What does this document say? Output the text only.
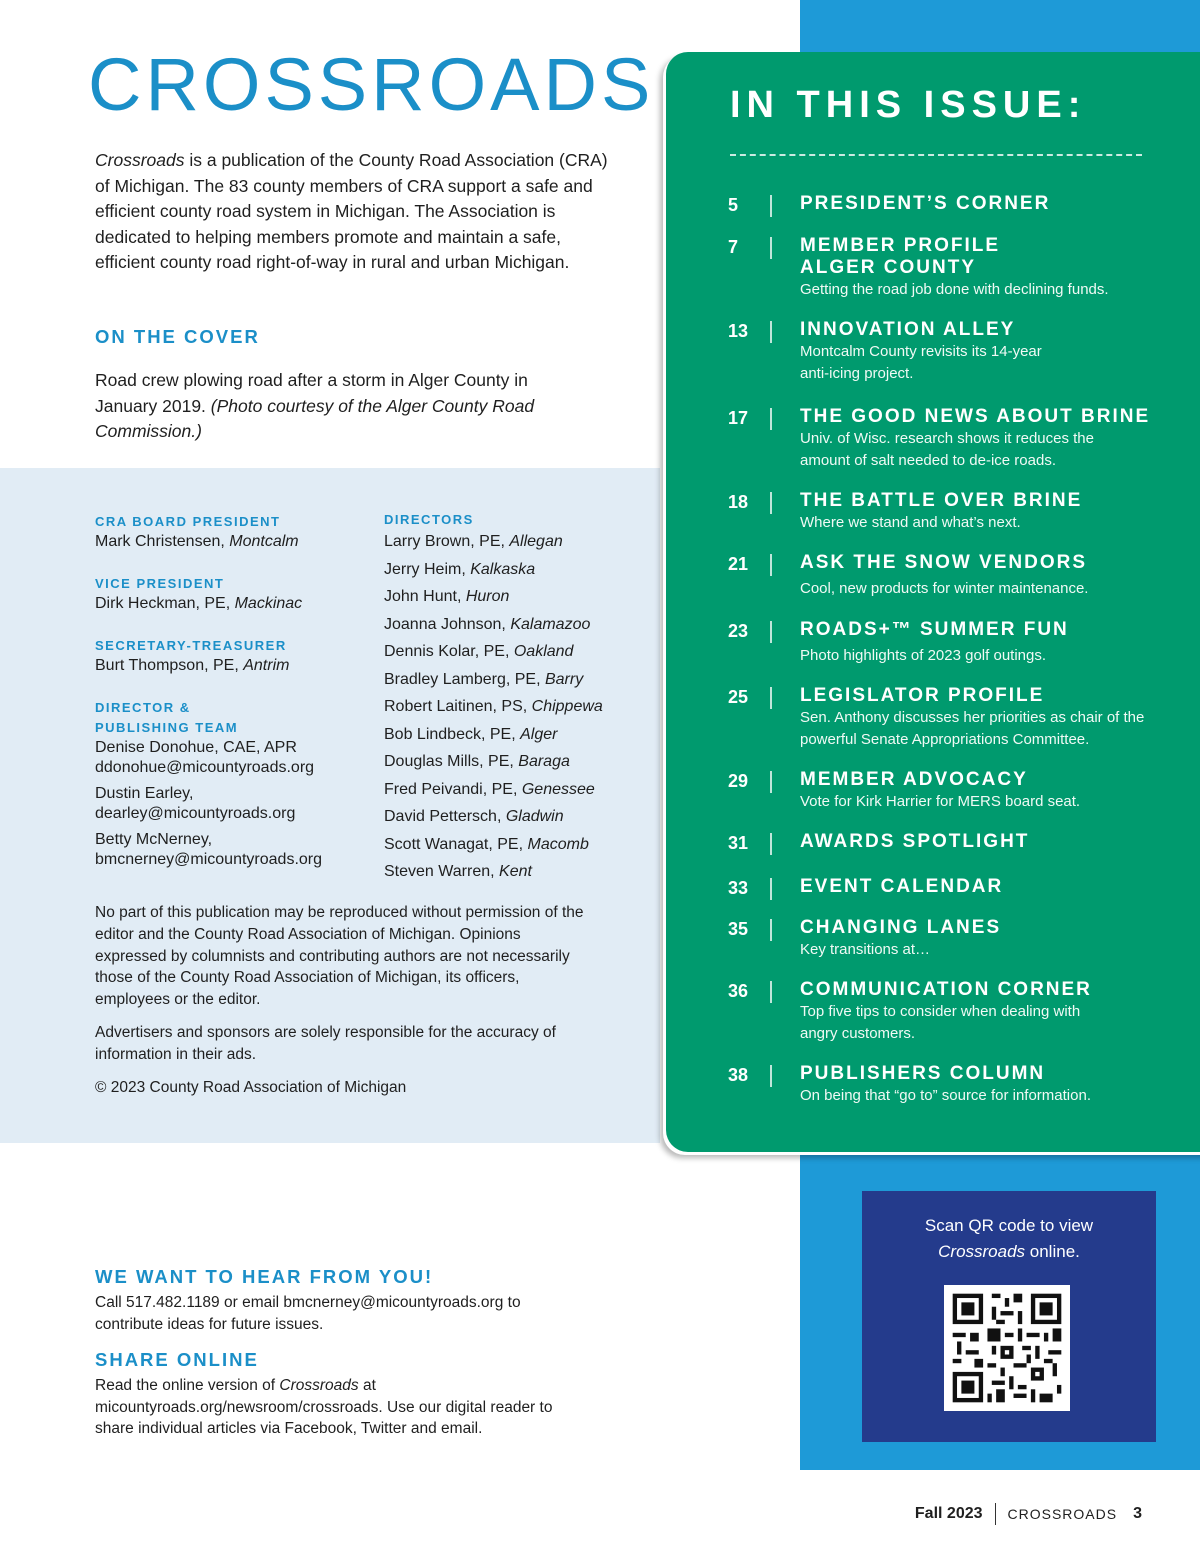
CROSSROADS

Crossroads is a publication of the County Road Association (CRA) of Michigan. The 83 county members of CRA support a safe and efficient county road system in Michigan. The Association is dedicated to helping members promote and maintain a safe, efficient county road right-of-way in rural and urban Michigan.

ON THE COVER

Road crew plowing road after a storm in Alger County in January 2019. (Photo courtesy of the Alger County Road Commission.)

CRA BOARD PRESIDENT
Mark Christensen, Montcalm
VICE PRESIDENT
Dirk Heckman, PE, Mackinac
SECRETARY-TREASURER
Burt Thompson, PE, Antrim
DIRECTOR &
PUBLISHING TEAM
Denise Donohue, CAE, APR
ddonohue@micountyroads.org
Dustin Earley,
dearley@micountyroads.org
Betty McNerney,
bmcnerney@micountyroads.org
DIRECTORS
Larry Brown, PE, Allegan
Jerry Heim, Kalkaska
John Hunt, Huron
Joanna Johnson, Kalamazoo
Dennis Kolar, PE, Oakland
Bradley Lamberg, PE, Barry
Robert Laitinen, PS, Chippewa
Bob Lindbeck, PE, Alger
Douglas Mills, PE, Baraga
Fred Peivandi, PE, Genessee
David Pettersch, Gladwin
Scott Wanagat, PE, Macomb
Steven Warren, Kent

No part of this publication may be reproduced without permission of the editor and the County Road Association of Michigan. Opinions expressed by columnists and contributing authors are not necessarily those of the County Road Association of Michigan, its officers, employees or the editor.

Advertisers and sponsors are solely responsible for the accuracy of information in their ads.

© 2023 County Road Association of Michigan

WE WANT TO HEAR FROM YOU!

Call 517.482.1189 or email bmcnerney@micountyroads.org to contribute ideas for future issues.

SHARE ONLINE

Read the online version of Crossroads at micountyroads.org/newsroom/crossroads. Use our digital reader to share individual articles via Facebook, Twitter and email.

IN THIS ISSUE:
5	PRESIDENT’S CORNER
7	MEMBER PROFILE
ALGER COUNTY
Getting the road job done with declining funds.
13	INNOVATION ALLEY
Montcalm County revisits its 14-year anti-icing project.
17	THE GOOD NEWS ABOUT BRINE
Univ. of Wisc. research shows it reduces the amount of salt needed to de-ice roads.
18	THE BATTLE OVER BRINE
Where we stand and what’s next.
21	ASK THE SNOW VENDORS
Cool, new products for winter maintenance.
23	ROADS+™ SUMMER FUN
Photo highlights of 2023 golf outings.
25	LEGISLATOR PROFILE
Sen. Anthony discusses her priorities as chair of the powerful Senate Appropriations Committee.
29	MEMBER ADVOCACY
Vote for Kirk Harrier for MERS board seat.
31	AWARDS SPOTLIGHT
33	EVENT CALENDAR
35	CHANGING LANES
Key transitions at…
36	COMMUNICATION CORNER
Top five tips to consider when dealing with angry customers.
38	PUBLISHERS COLUMN
On being that “go to” source for information.
Scan QR code to view
Crossroads online.
Fall 2023 CROSSROADS 3
